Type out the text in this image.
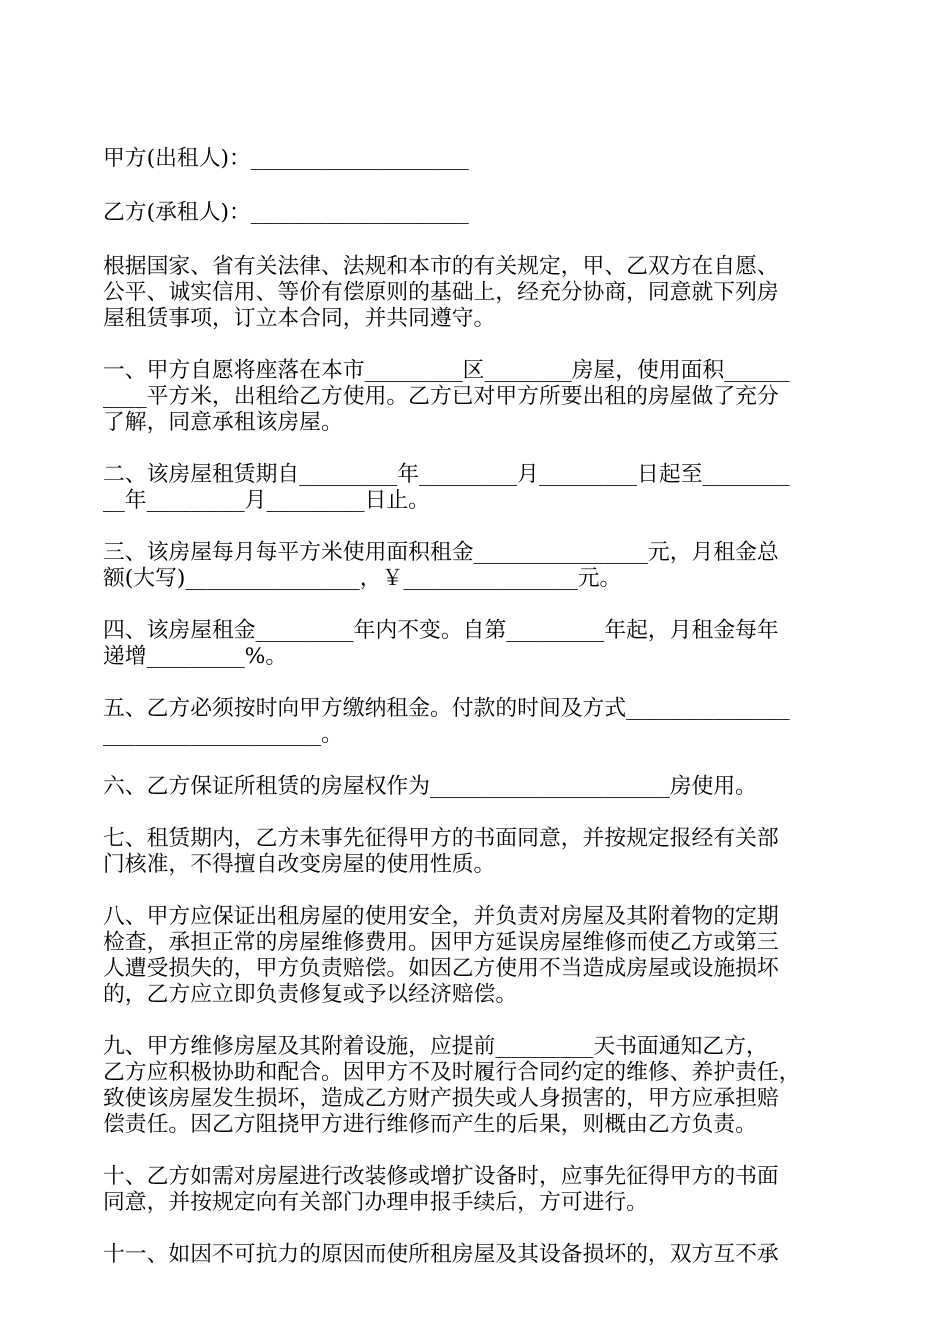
甲方(出租人)：____________________

乙方(承租人)：____________________

根据国家、省有关法律、法规和本市的有关规定，甲、乙双方在自愿、
公平、诚实信用、等价有偿原则的基础上，经充分协商，同意就下列房
屋租赁事项，订立本合同，并共同遵守。

一、甲方自愿将座落在本市_________区________房屋，使用面积______
____平方米，出租给乙方使用。乙方已对甲方所要出租的房屋做了充分
了解，同意承租该房屋。

二、该房屋租赁期自_________年_________月_________日起至________
__年_________月_________日止。

三、该房屋每月每平方米使用面积租金________________元，月租金总
额(大写)________________，￥________________元。

四、该房屋租金_________年内不变。自第_________年起，月租金每年
递增_________%。

五、乙方必须按时向甲方缴纳租金。付款的时间及方式_______________
____________________。

六、乙方保证所租赁的房屋权作为______________________房使用。

七、租赁期内，乙方未事先征得甲方的书面同意，并按规定报经有关部
门核准，不得擅自改变房屋的使用性质。

八、甲方应保证出租房屋的使用安全，并负责对房屋及其附着物的定期
检查，承担正常的房屋维修费用。因甲方延误房屋维修而使乙方或第三
人遭受损失的，甲方负责赔偿。如因乙方使用不当造成房屋或设施损坏
的，乙方应立即负责修复或予以经济赔偿。

九、甲方维修房屋及其附着设施，应提前_________天书面通知乙方，
乙方应积极协助和配合。因甲方不及时履行合同约定的维修、养护责任，
致使该房屋发生损坏，造成乙方财产损失或人身损害的，甲方应承担赔
偿责任。因乙方阻挠甲方进行维修而产生的后果，则概由乙方负责。

十、乙方如需对房屋进行改装修或增扩设备时，应事先征得甲方的书面
同意，并按规定向有关部门办理申报手续后，方可进行。

十一、如因不可抗力的原因而使所租房屋及其设备损坏的，双方互不承
